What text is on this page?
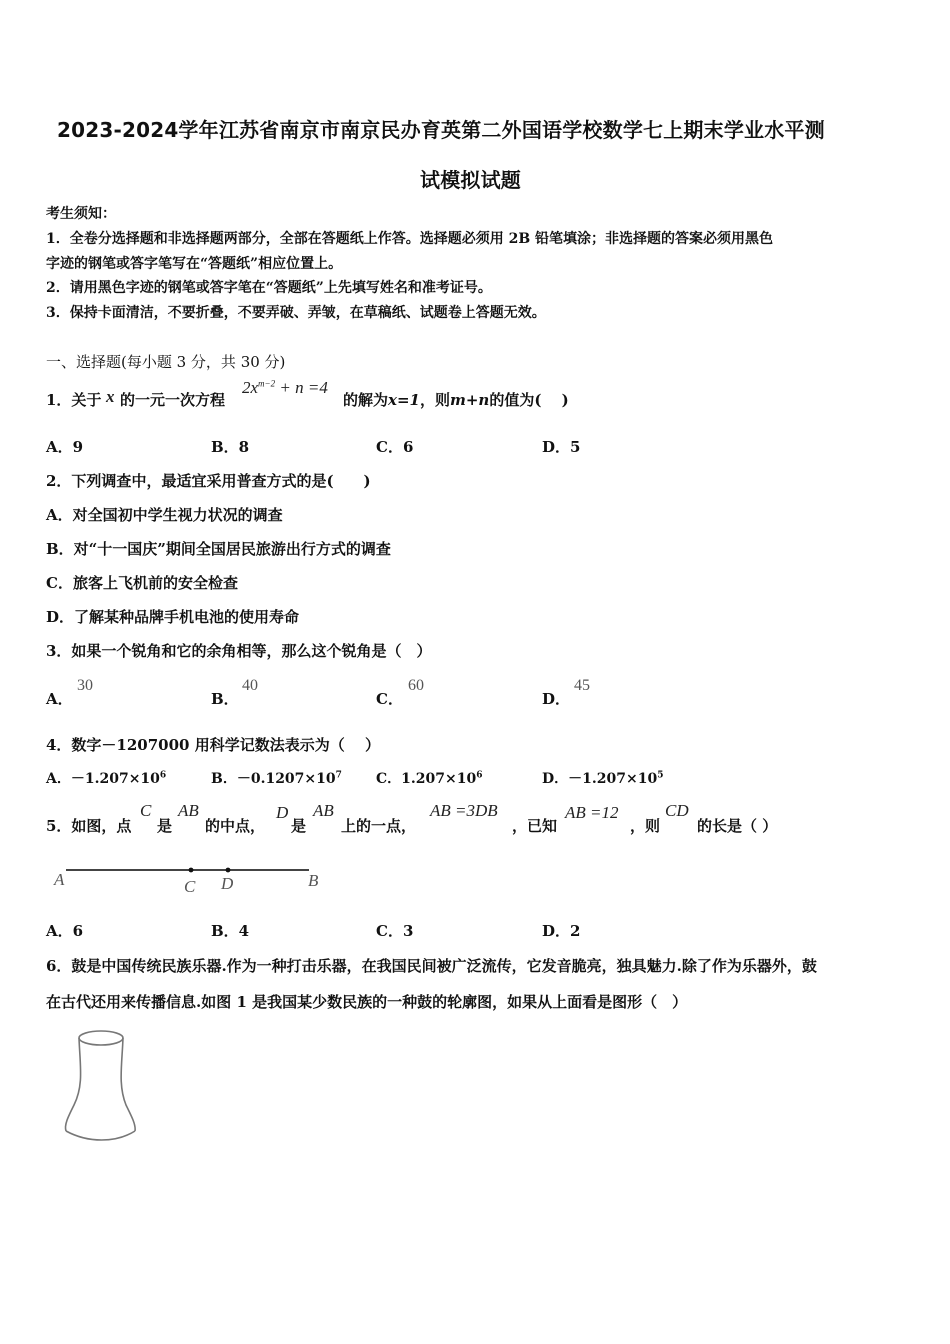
2023-2024学年江苏省南京市南京民办育英第二外国语学校数学七上期末学业水平测
试模拟试题
考生须知：
1．全卷分选择题和非选择题两部分，全部在答题纸上作答。选择题必须用 2B 铅笔填涂；非选择题的答案必须用黑色
字迹的钢笔或答字笔写在“答题纸”相应位置上。
2．请用黑色字迹的钢笔或答字笔在“答题纸”上先填写姓名和准考证号。
3．保持卡面清洁，不要折叠，不要弄破、弄皱，在草稿纸、试题卷上答题无效。
一、选择题(每小题 3 分，共 30 分)
1．关于 x 的一元一次方程
$2x^{m-2} + n =4$
的解为x=1，则m+n的值为(　 )
A．9	B．8	C．6	D．5
2．下列调查中，最适宜采用普查方式的是(　　)
A．对全国初中学生视力状况的调查
B．对“十一国庆”期间全国居民旅游出行方式的调查
C．旅客上飞机前的安全检查
D．了解某种品牌手机电池的使用寿命
3．如果一个锐角和它的余角相等，那么这个锐角是（　）
A．
30
B．
40
C．
60
D．
45
4．数字－1207000 用科学记数法表示为（　 ）
A．$-1.207\times 10^6$	B．$-0.1207\times 10^7$ C．$1.207\times 10^6$	D．$-1.207\times 10^5$
5．如图，点
C
是
AB
的中点，
D
是
AB
上的一点，
AB =3DB
，已知
AB =12
，则
CD
的长是（ ）
A	C D	B
A．6	B．4	C．3	D．2
6．鼓是中国传统民族乐器.作为一种打击乐器，在我国民间被广泛流传，它发音脆亮，独具魅力.除了作为乐器外，鼓
在古代还用来传播信息.如图 1 是我国某少数民族的一种鼓的轮廓图，如果从上面看是图形（　）
